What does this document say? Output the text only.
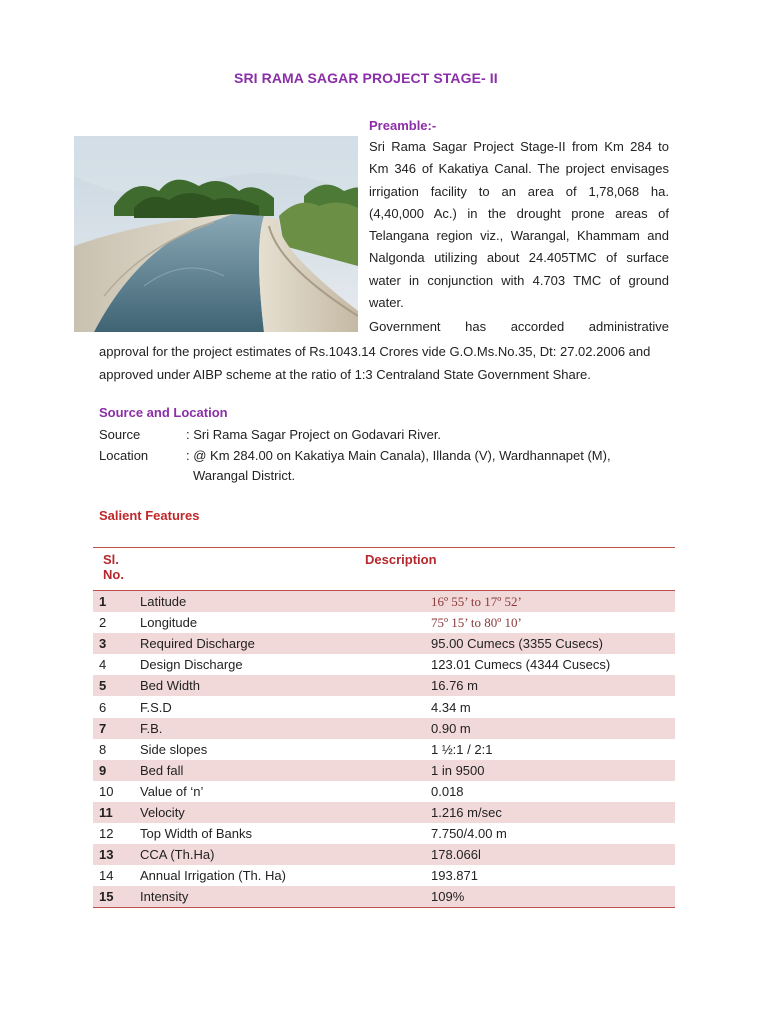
SRI RAMA SAGAR PROJECT STAGE- II
Preamble:-
Sri Rama Sagar Project Stage-II from Km 284 to Km 346 of Kakatiya Canal. The project envisages irrigation facility to an area of 1,78,068 ha. (4,40,000 Ac.) in the drought prone areas of Telangana region viz., Warangal, Khammam and Nalgonda utilizing about 24.405TMC of surface water in conjunction with 4.703 TMC of ground water.
Government has accorded administrative
approval for the project estimates of Rs.1043.14 Crores vide G.O.Ms.No.35, Dt: 27.02.2006 and approved under AIBP scheme at the ratio of 1:3 Centraland State Government Share.
Source and Location
Source	: Sri Rama Sagar Project on Godavari River.
Location	: @ Km 284.00 on Kakatiya Main Canala), Illanda (V), Wardhannapet (M),
Warangal District.
Salient Features
Sl.
No.	Description	
1	Latitude	16º 55’ to 17º 52’
2	Longitude	75º 15’ to 80º 10’
3	Required Discharge	95.00 Cumecs (3355 Cusecs)
4	Design Discharge	123.01 Cumecs (4344 Cusecs)
5	Bed Width	16.76 m
6	F.S.D	4.34 m
7	F.B.	0.90 m
8	Side slopes	1 ½:1 / 2:1
9	Bed fall	1 in 9500
10	Value of ‘n’	0.018
11	Velocity	1.216 m/sec
12	Top Width of Banks	7.750/4.00 m
13	CCA (Th.Ha)	178.066l
14	Annual Irrigation (Th. Ha)	193.871
15	Intensity	109%
